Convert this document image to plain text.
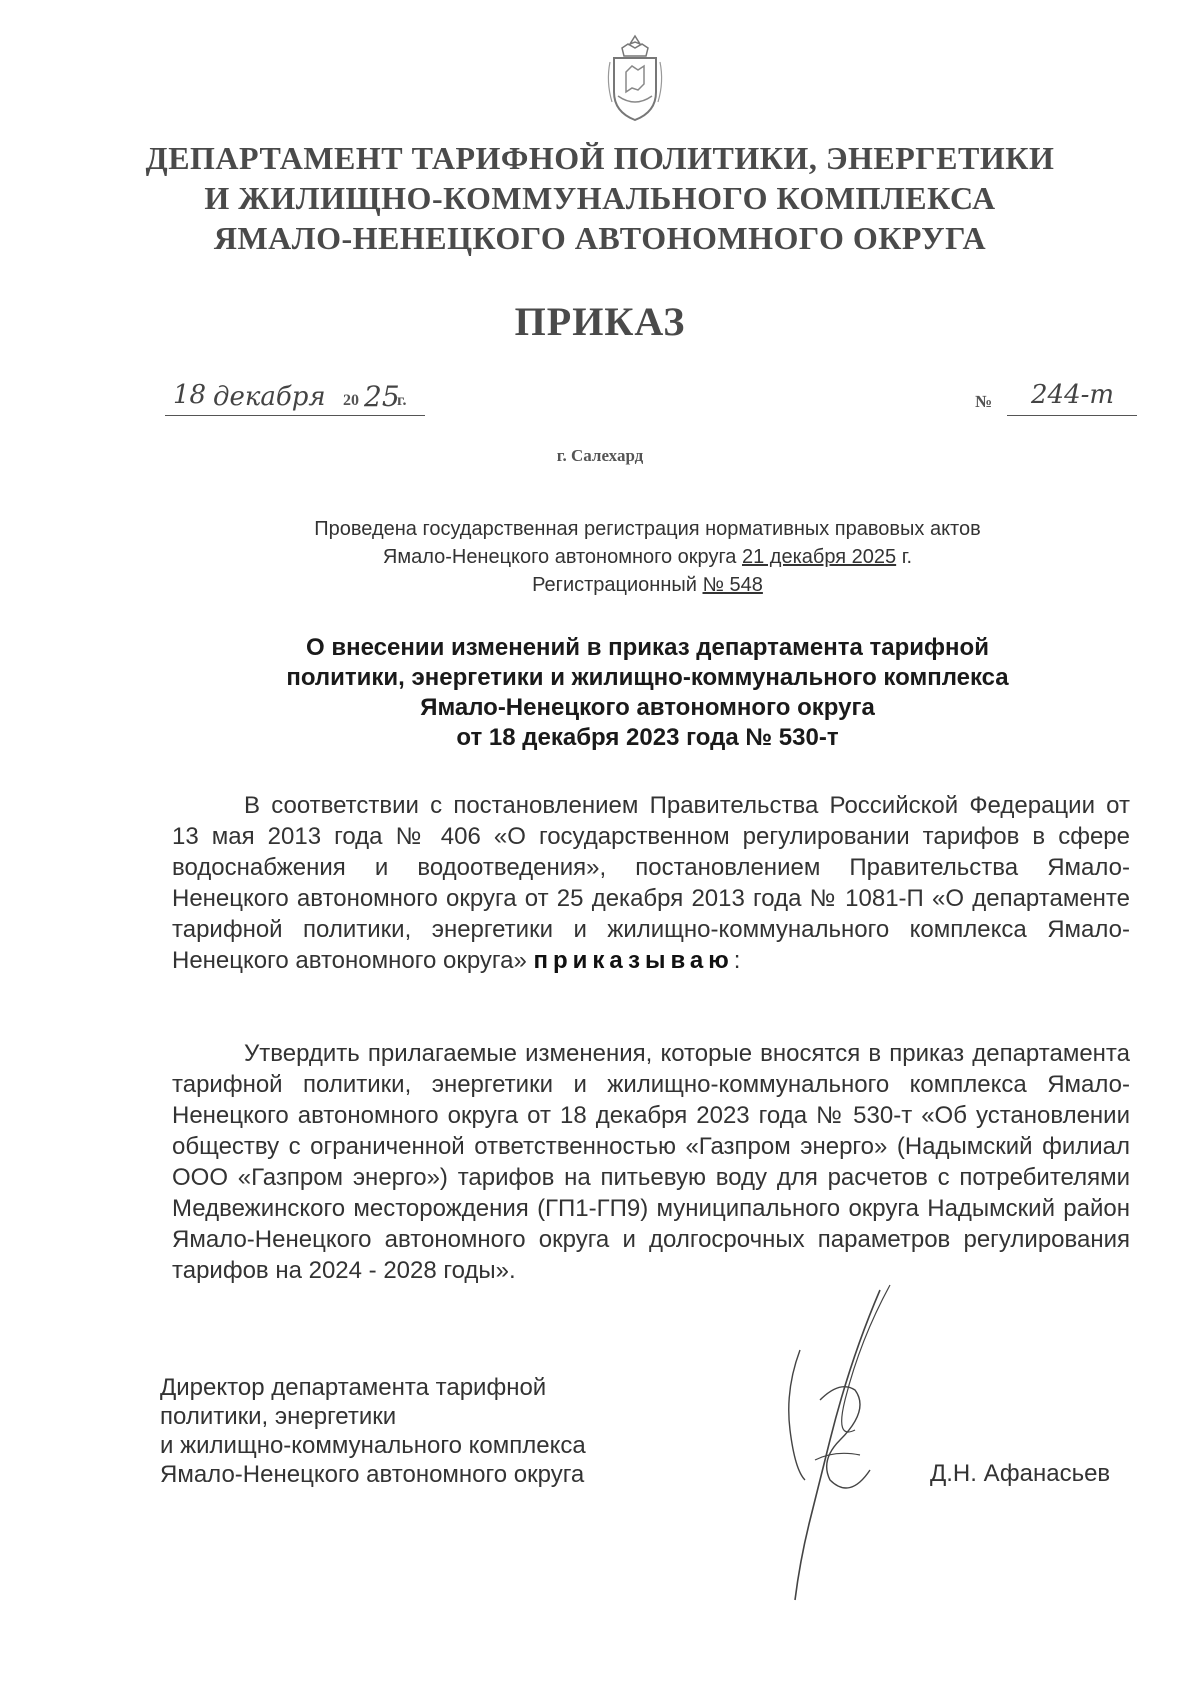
ДЕПАРТАМЕНТ ТАРИФНОЙ ПОЛИТИКИ, ЭНЕРГЕТИКИ
И ЖИЛИЩНО-КОММУНАЛЬНОГО КОМПЛЕКСА
ЯМАЛО-НЕНЕЦКОГО АВТОНОМНОГО ОКРУГА
ПРИКАЗ
18 декабря 20 25
г.	№ 244-т
г. Салехард
Проведена государственная регистрация нормативных правовых актов
Ямало-Ненецкого автономного округа 21 декабря 2025 г.
Регистрационный № 548
О внесении изменений в приказ департамента тарифной
политики, энергетики и жилищно-коммунального комплекса
Ямало-Ненецкого автономного округа
от 18 декабря 2023 года № 530-т

В соответствии с постановлением Правительства Российской Федерации от 13 мая 2013 года № 406 «О государственном регулировании тарифов в сфере водоснабжения и водоотведения», постановлением Правительства Ямало-Ненецкого автономного округа от 25 декабря 2013 года № 1081-П «О департаменте тарифной политики, энергетики и жилищно-коммунального комплекса Ямало-Ненецкого автономного округа» приказываю:

Утвердить прилагаемые изменения, которые вносятся в приказ департамента тарифной политики, энергетики и жилищно-коммунального комплекса Ямало-Ненецкого автономного округа от 18 декабря 2023 года № 530-т «Об установлении обществу с ограниченной ответственностью «Газпром энерго» (Надымский филиал ООО «Газпром энерго») тарифов на питьевую воду для расчетов с потребителями Медвежинского месторождения (ГП1-ГП9) муниципального округа Надымский район Ямало-Ненецкого автономного округа и долгосрочных параметров регулирования тарифов на 2024 - 2028 годы».

Директор департамента тарифной
политики, энергетики
и жилищно-коммунального комплекса
Ямало-Ненецкого автономного округа	Д.Н. Афанасьев
